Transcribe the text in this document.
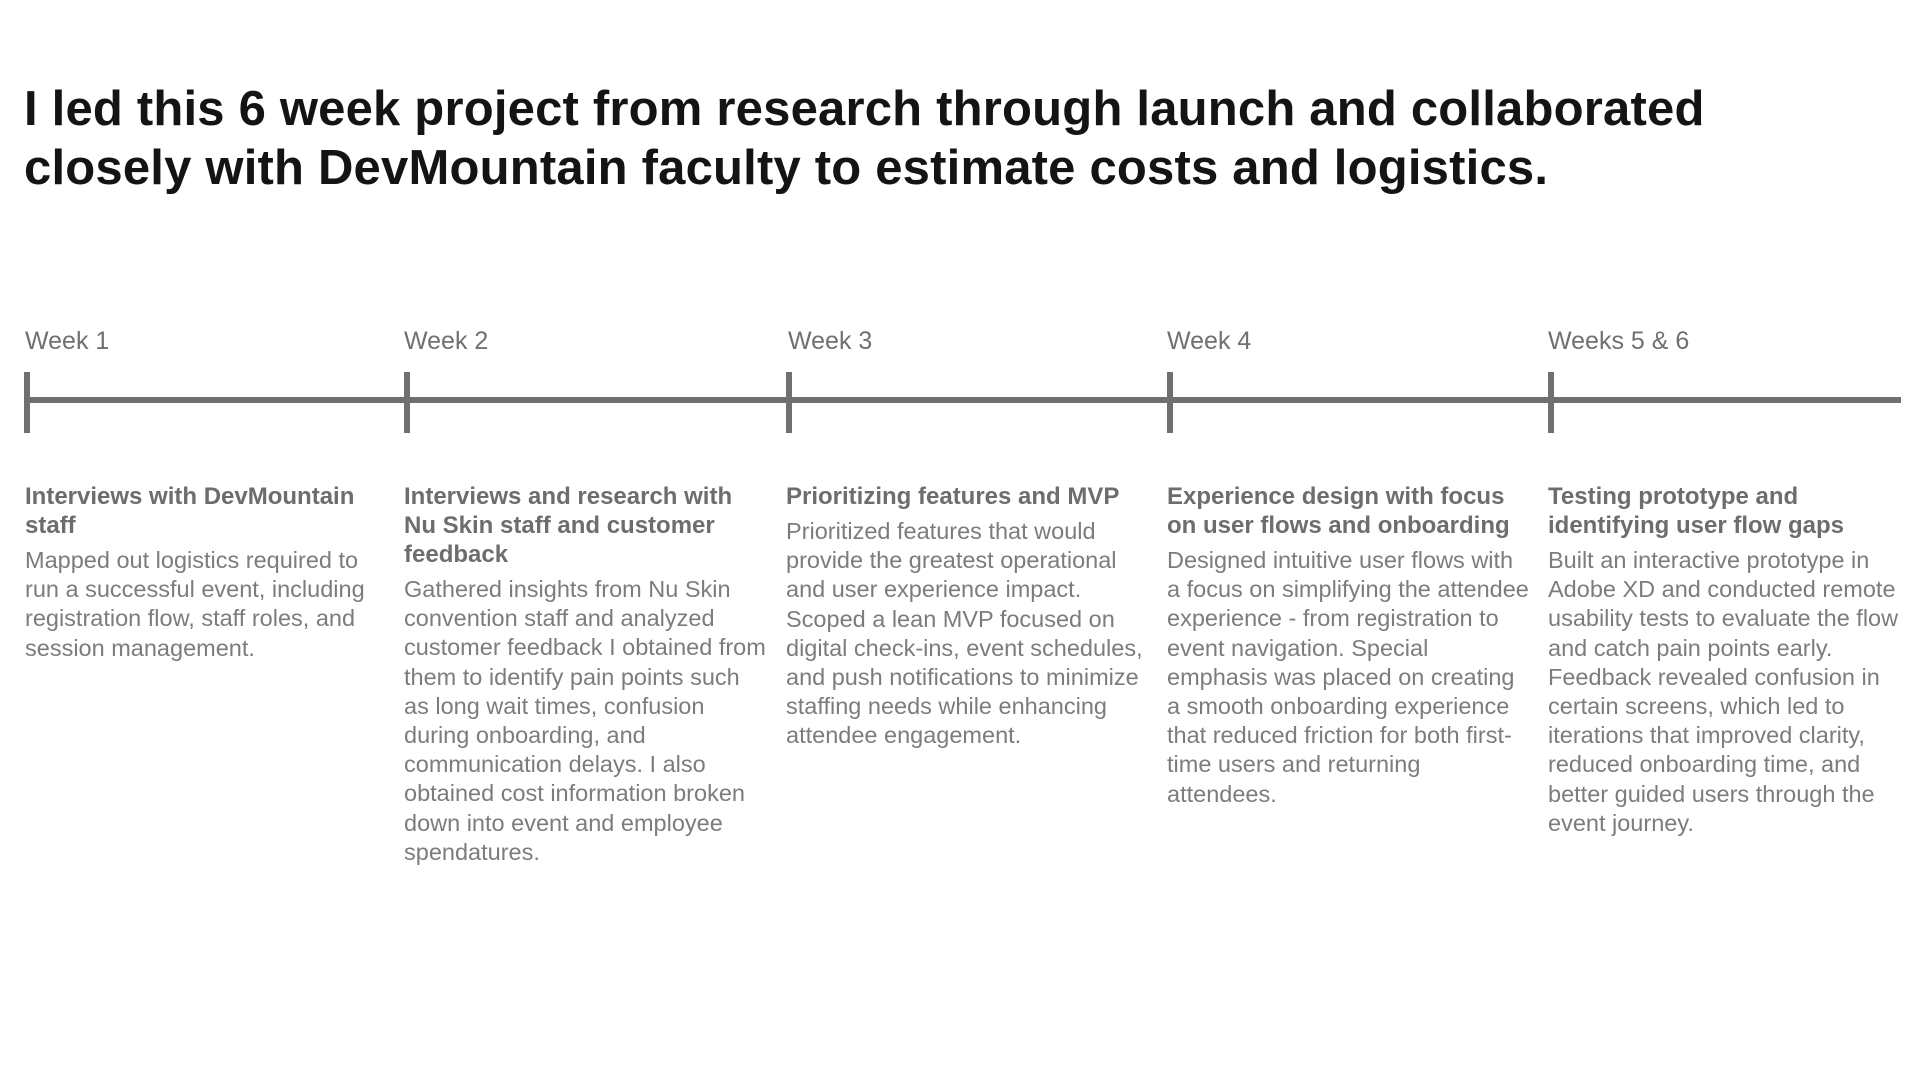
I led this 6 week project from research through launch and collaborated closely with DevMountain faculty to estimate costs and logistics.
Week 1	Week 2	Week 3	Week 4	Weeks 5 & 6

Interviews with DevMountain staff

Mapped out logistics required to run a successful event, including registration flow, staff roles, and session management.

Interviews and research with Nu Skin staff and customer feedback

Gathered insights from Nu Skin convention staff and analyzed customer feedback I obtained from them to identify pain points such as long wait times, confusion during onboarding, and communication delays. I also obtained cost information broken down into event and employee spendatures.

Prioritizing features and MVP

Prioritized features that would provide the greatest operational and user experience impact. Scoped a lean MVP focused on digital check-ins, event schedules, and push notifications to minimize staffing needs while enhancing attendee engagement.

Experience design with focus on user flows and onboarding

Designed intuitive user flows with a focus on simplifying the attendee experience - from registration to event navigation. Special emphasis was placed on creating a smooth onboarding experience that reduced friction for both first-time users and returning attendees.

Testing prototype and identifying user flow gaps

Built an interactive prototype in Adobe XD and conducted remote usability tests to evaluate the flow and catch pain points early. Feedback revealed confusion in certain screens, which led to iterations that improved clarity, reduced onboarding time, and better guided users through the event journey.
